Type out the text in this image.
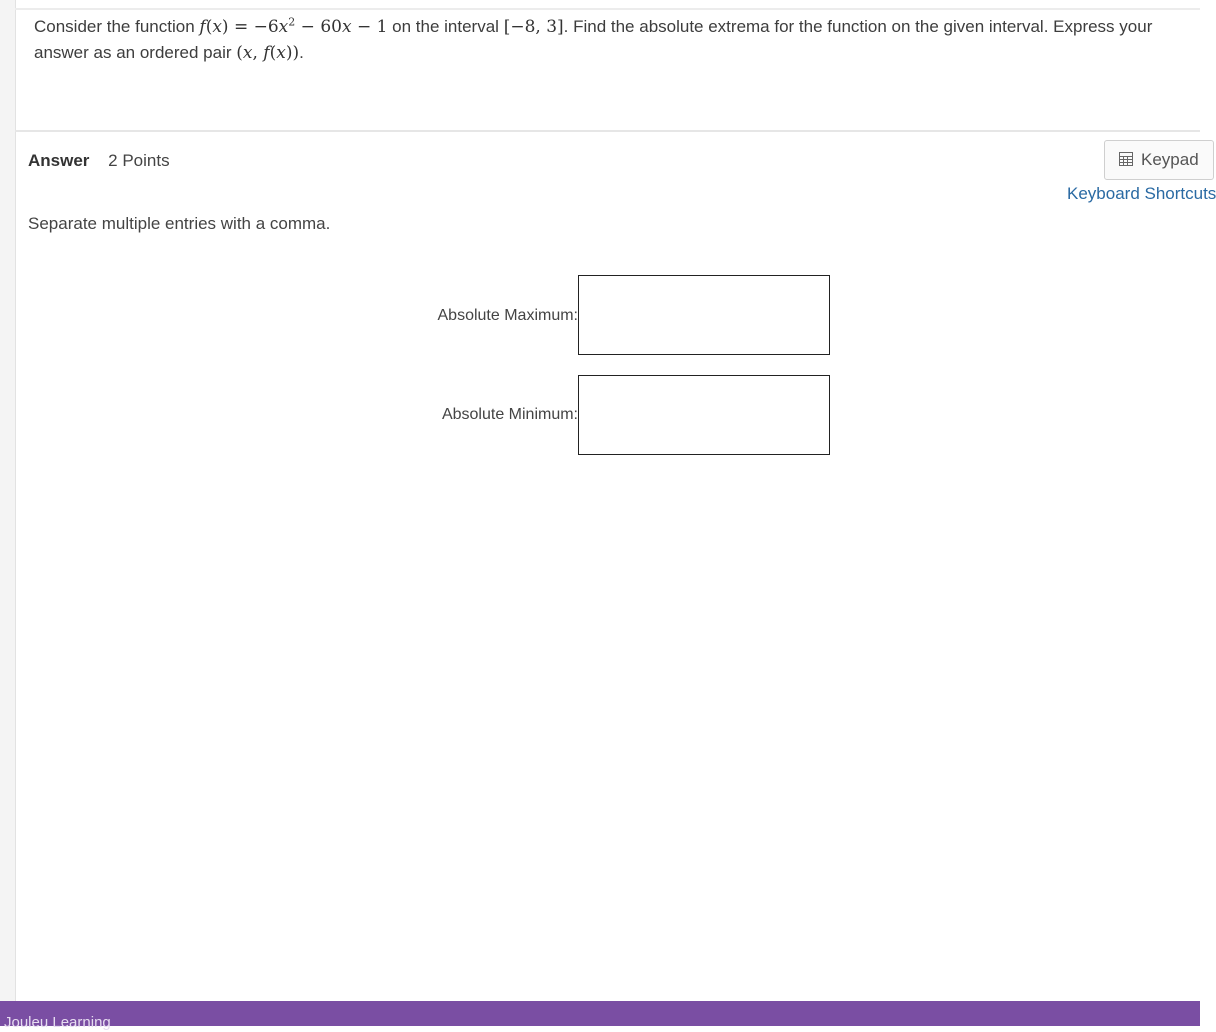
Consider the function $f(x) = -6x^2 - 60x - 1$ on the interval [−8, 3]. Find the absolute extrema for the function on the given interval. Express your answer as an ordered pair (x, f(x)).
Answer 2 Points	Keypad
Keyboard Shortcuts
Separate multiple entries with a comma.
Absolute Maximum:
Absolute Minimum:
Jouleu Learning
